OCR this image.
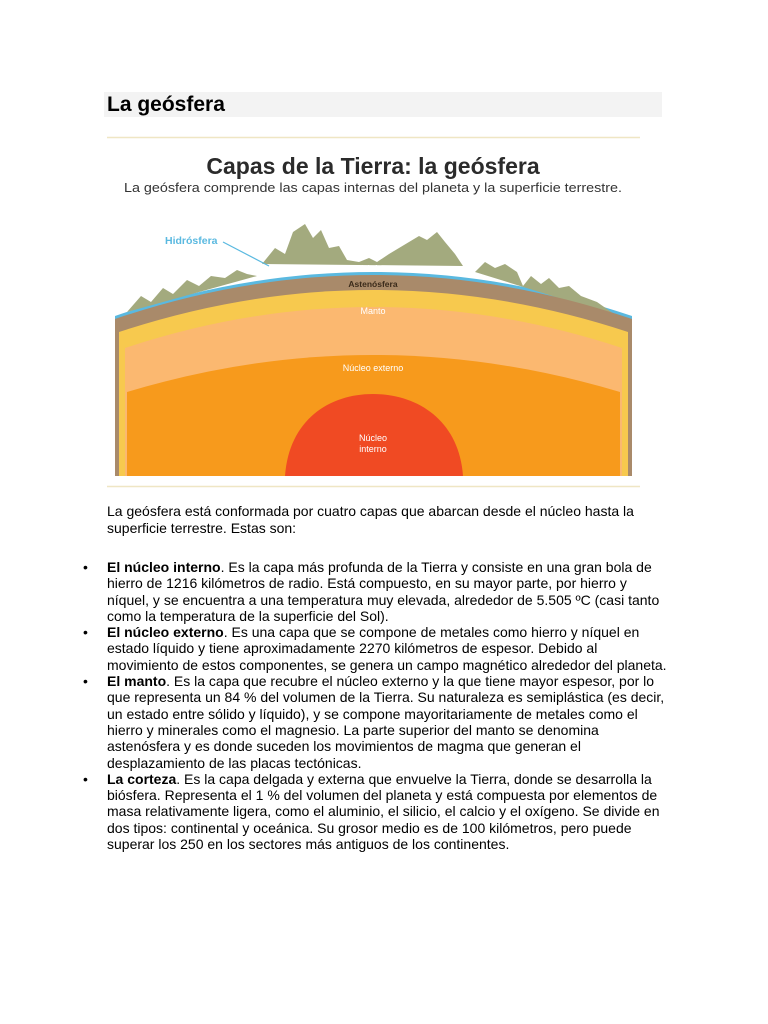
La geósfera
Capas de la Tierra: la geósfera
La geósfera comprende las capas internas del planeta y la superficie terrestre.
Hidrósfera
Litósfera
Astenósfera
Manto
Núcleo externo
Núcleo
interno

La geósfera está conformada por cuatro capas que abarcan desde el núcleo hasta la superficie terrestre. Estas son:

• El núcleo interno. Es la capa más profunda de la Tierra y consiste en una gran bola de hierro de 1216 kilómetros de radio. Está compuesto, en su mayor parte, por hierro y níquel, y se encuentra a una temperatura muy elevada, alrededor de 5.505 ºC (casi tanto como la temperatura de la superficie del Sol).
• El núcleo externo. Es una capa que se compone de metales como hierro y níquel en estado líquido y tiene aproximadamente 2270 kilómetros de espesor. Debido al movimiento de estos componentes, se genera un campo magnético alrededor del planeta.
• El manto. Es la capa que recubre el núcleo externo y la que tiene mayor espesor, por lo que representa un 84 % del volumen de la Tierra. Su naturaleza es semiplástica (es decir, un estado entre sólido y líquido), y se compone mayoritariamente de metales como el hierro y minerales como el magnesio. La parte superior del manto se denomina astenósfera y es donde suceden los movimientos de magma que generan el desplazamiento de las placas tectónicas.
• La corteza. Es la capa delgada y externa que envuelve la Tierra, donde se desarrolla la biósfera. Representa el 1 % del volumen del planeta y está compuesta por elementos de masa relativamente ligera, como el aluminio, el silicio, el calcio y el oxígeno. Se divide en dos tipos: continental y oceánica. Su grosor medio es de 100 kilómetros, pero puede superar los 250 en los sectores más antiguos de los continentes.
